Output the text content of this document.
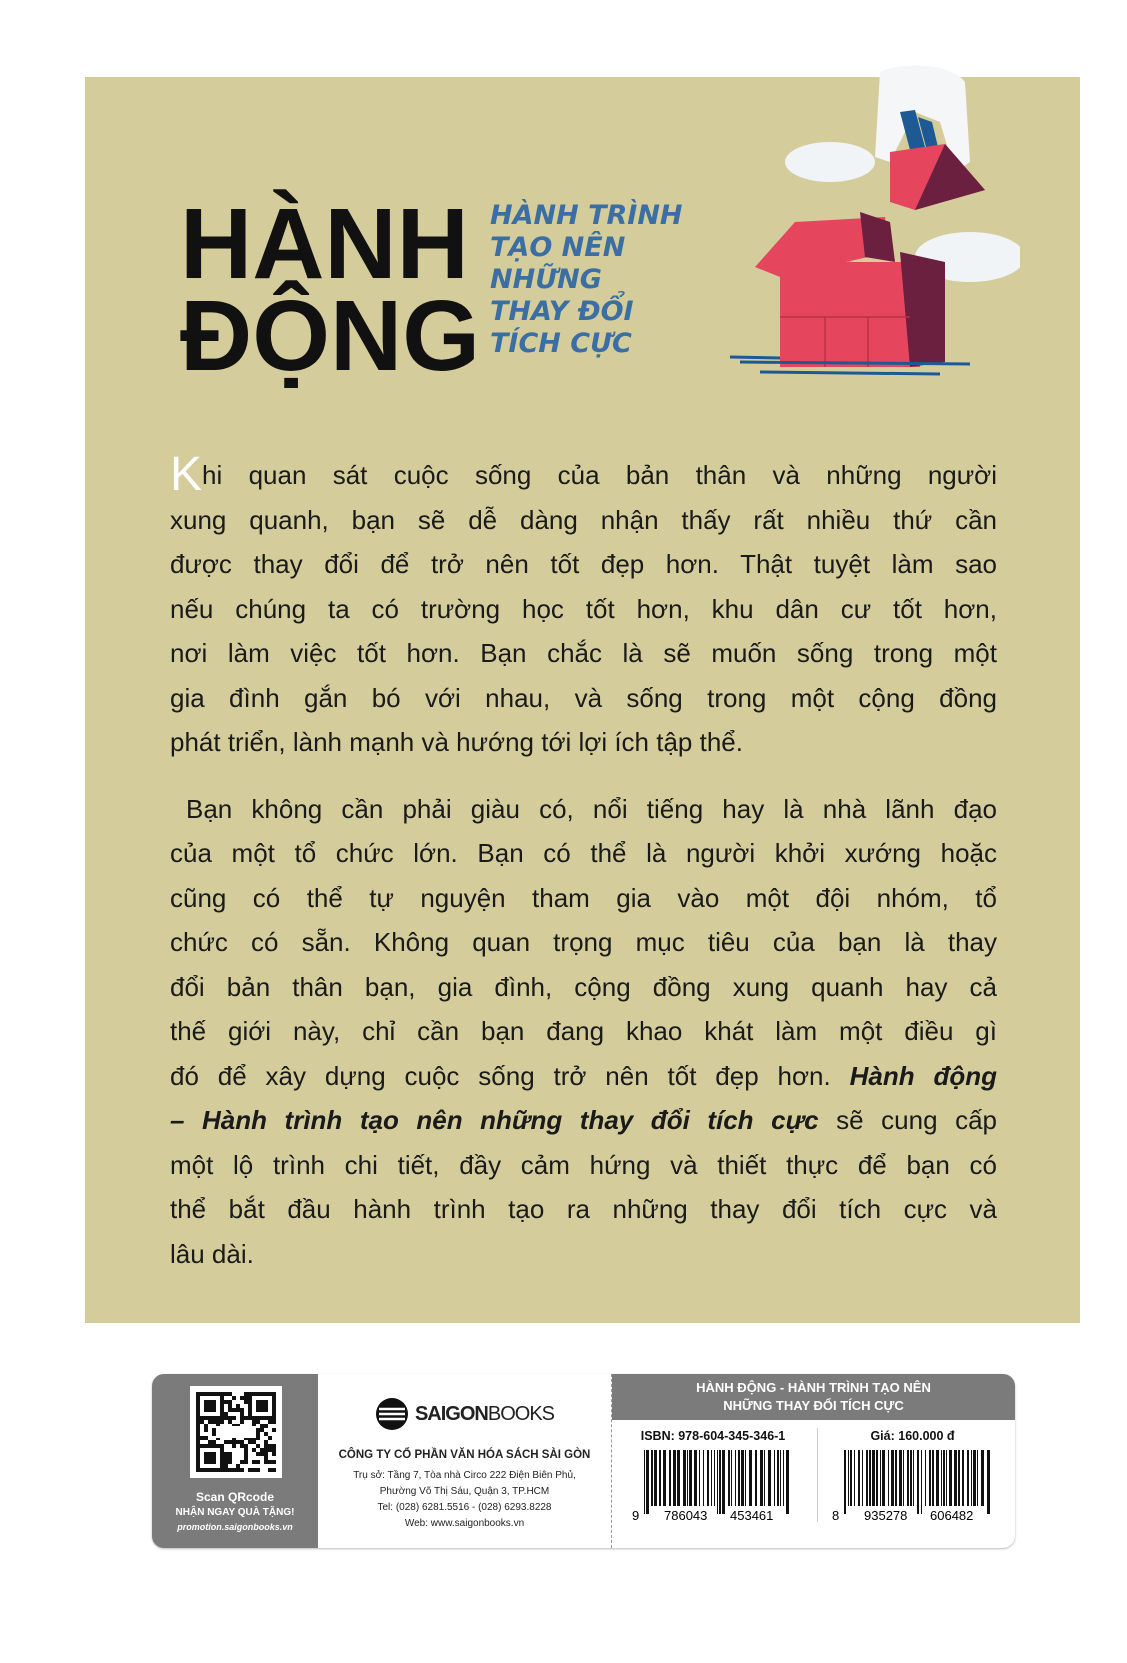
HÀNH
ĐỘNG
HÀNH TRÌNH
TẠO NÊN
NHỮNG
THAY ĐỔI
TÍCH CỰC
Khi quan sát cuộc sống của bản thân và những người
xung quanh, bạn sẽ dễ dàng nhận thấy rất nhiều thứ cần
được thay đổi để trở nên tốt đẹp hơn. Thật tuyệt làm sao
nếu chúng ta có trường học tốt hơn, khu dân cư tốt hơn,
nơi làm việc tốt hơn. Bạn chắc là sẽ muốn sống trong một
gia đình gắn bó với nhau, và sống trong một cộng đồng
phát triển, lành mạnh và hướng tới lợi ích tập thể.
Bạn không cần phải giàu có, nổi tiếng hay là nhà lãnh đạo
của một tổ chức lớn. Bạn có thể là người khởi xướng hoặc
cũng có thể tự nguyện tham gia vào một đội nhóm, tổ
chức có sẵn. Không quan trọng mục tiêu của bạn là thay
đổi bản thân bạn, gia đình, cộng đồng xung quanh hay cả
thế giới này, chỉ cần bạn đang khao khát làm một điều gì
đó để xây dựng cuộc sống trở nên tốt đẹp hơn. Hành động
– Hành trình tạo nên những thay đổi tích cực sẽ cung cấp
một lộ trình chi tiết, đầy cảm hứng và thiết thực để bạn có
thể bắt đầu hành trình tạo ra những thay đổi tích cực và
lâu dài.
Scan QRcode
NHẬN NGAY QUÀ TẶNG!
promotion.saigonbooks.vn
SAIGONBOOKS
CÔNG TY CỔ PHẦN VĂN HÓA SÁCH SÀI GÒN
Trụ sở: Tầng 7, Tòa nhà Circo 222 Điện Biên Phủ,
Phường Võ Thị Sáu, Quận 3, TP.HCM
Tel: (028) 6281.5516 - (028) 6293.8228
Web: www.saigonbooks.vn
HÀNH ĐỘNG - HÀNH TRÌNH TẠO NÊN
NHỮNG THAY ĐỔI TÍCH CỰC
ISBN: 978-604-345-346-1
9 786043 453461
Giá: 160.000 đ
8 935278 606482
